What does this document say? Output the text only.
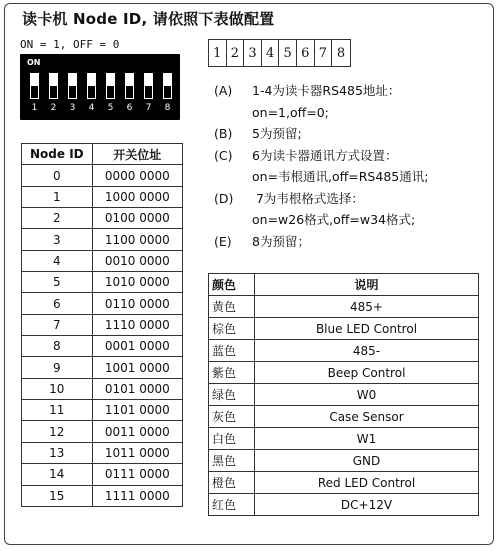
读卡机 Node ID, 请依照下表做配置
ON = 1, OFF = 0
ON
1 2 3 4 5 6 7 8
Node ID	开关位址
0	0000 0000
1	1000 0000
2	0100 0000
3	1100 0000
4	0010 0000
5	1010 0000
6	0110 0000
7	1110 0000
8	0001 0000
9	1001 0000
10	0101 0000
11	1101 0000
12	0011 0000
13	1011 0000
14	0111 0000
15	1111 0000
1 2 3 4 5 6 7 8
(A) 1-4为读卡器RS485地址：
on=1,off=0;
(B) 5为预留;
(C) 6为读卡器通讯方式设置：
on=韦根通讯,off=RS485通讯;
(D) 7为韦根格式选择：
on=w26格式,off=w34格式;
(E) 8为预留；
颜色	说明
黄色	485+
棕色	Blue LED Control
蓝色	485-
紫色	Beep Control
绿色	W0
灰色	Case Sensor
白色	W1
黑色	GND
橙色	Red LED Control
红色	DC+12V
